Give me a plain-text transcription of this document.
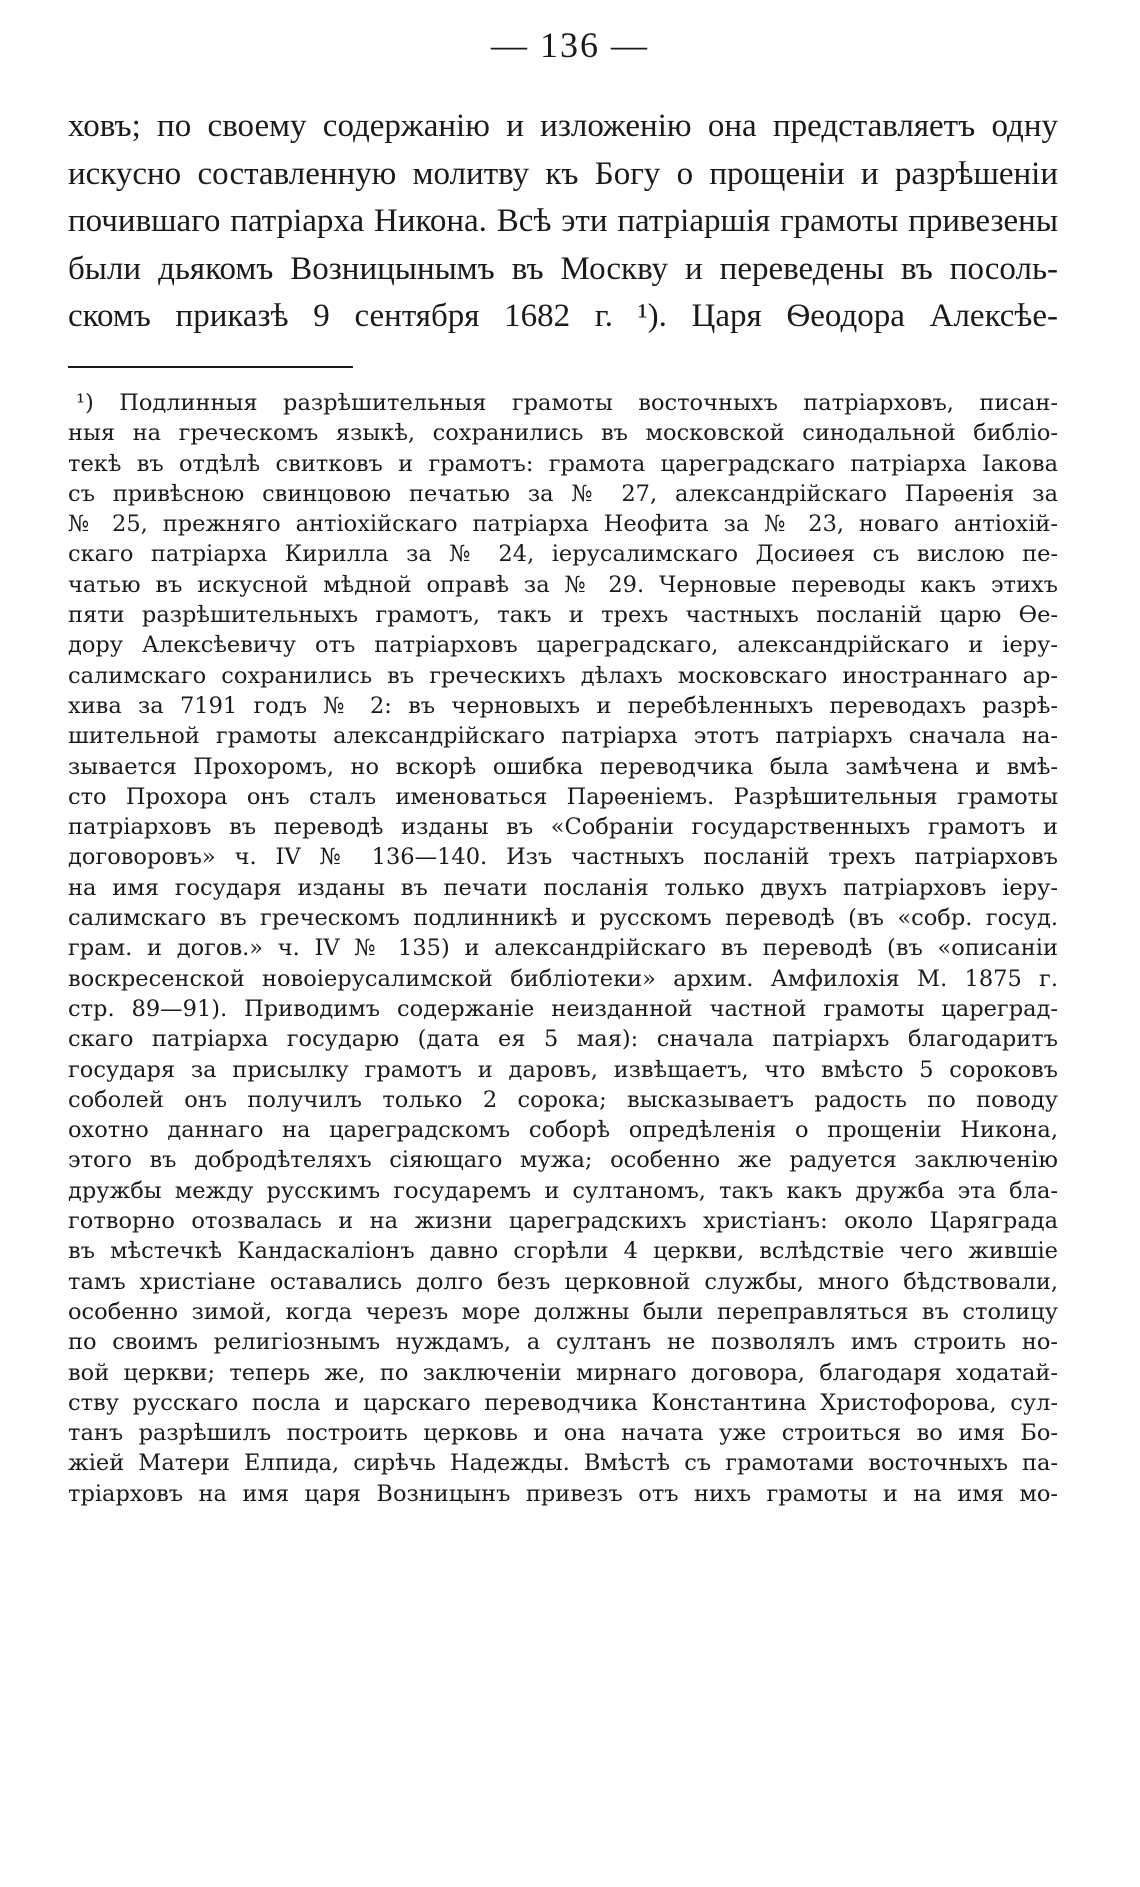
— 136 —
ховъ; по своему содержанію и изложенію она представляетъ одну
искусно составленную молитву къ Богу о прощеніи и разрѣшеніи
почившаго патріарха Никона. Всѣ эти патріаршія грамоты привезены
были дьякомъ Возницынымъ въ Москву и переведены въ посоль-
скомъ приказѣ 9 сентября 1682 г. ¹). Царя Ѳеодора Алексѣе-
¹) Подлинныя разрѣшительныя грамоты восточныхъ патріарховъ, писан-
ныя на греческомъ языкѣ, сохранились въ московской синодальной библіо-
текѣ въ отдѣлѣ свитковъ и грамотъ: грамота цареградскаго патріарха Іакова
съ привѣсною свинцовою печатью за № 27, александрійскаго Парѳенія за
№ 25, прежняго антіохійскаго патріарха Неофита за № 23, новаго антіохій-
скаго патріарха Кирилла за № 24, іерусалимскаго Досиѳея съ вислою пе-
чатью въ искусной мѣдной оправѣ за № 29. Черновые переводы какъ этихъ
пяти разрѣшительныхъ грамотъ, такъ и трехъ частныхъ посланій царю Ѳе-
дору Алексѣевичу отъ патріарховъ цареградскаго, александрійскаго и іеру-
салимскаго сохранились въ греческихъ дѣлахъ московскаго иностраннаго ар-
хива за 7191 годъ № 2: въ черновыхъ и перебѣленныхъ переводахъ разрѣ-
шительной грамоты александрійскаго патріарха этотъ патріархъ сначала на-
зывается Прохоромъ, но вскорѣ ошибка переводчика была замѣчена и вмѣ-
сто Прохора онъ сталъ именоваться Парѳеніемъ. Разрѣшительныя грамоты
патріарховъ въ переводѣ изданы въ «Собраніи государственныхъ грамотъ и
договоровъ» ч. IV № 136—140. Изъ частныхъ посланій трехъ патріарховъ
на имя государя изданы въ печати посланія только двухъ патріарховъ іеру-
салимскаго въ греческомъ подлинникѣ и русскомъ переводѣ (въ «собр. госуд.
грам. и догов.» ч. IV № 135) и александрійскаго въ переводѣ (въ «описаніи
воскресенской новоіерусалимской библіотеки» архим. Амфилохія М. 1875 г.
стр. 89—91). Приводимъ содержаніе неизданной частной грамоты цареград-
скаго патріарха государю (дата ея 5 мая): сначала патріархъ благодаритъ
государя за присылку грамотъ и даровъ, извѣщаетъ, что вмѣсто 5 сороковъ
соболей онъ получилъ только 2 сорока; высказываетъ радость по поводу
охотно даннаго на цареградскомъ соборѣ опредѣленія о прощеніи Никона,
этого въ добродѣтеляхъ сіяющаго мужа; особенно же радуется заключенію
дружбы между русскимъ государемъ и султаномъ, такъ какъ дружба эта бла-
готворно отозвалась и на жизни цареградскихъ христіанъ: около Царяграда
въ мѣстечкѣ Кандаскаліонъ давно сгорѣли 4 церкви, вслѣдствіе чего жившіе
тамъ христіане оставались долго безъ церковной службы, много бѣдствовали,
особенно зимой, когда черезъ море должны были переправляться въ столицу
по своимъ религіознымъ нуждамъ, а султанъ не позволялъ имъ строить но-
вой церкви; теперь же, по заключеніи мирнаго договора, благодаря ходатай-
ству русскаго посла и царскаго переводчика Константина Христофорова, сул-
танъ разрѣшилъ построить церковь и она начата уже строиться во имя Бо-
жіей Матери Елпида, сирѣчь Надежды. Вмѣстѣ съ грамотами восточныхъ па-
тріарховъ на имя царя Возницынъ привезъ отъ нихъ грамоты и на имя мо-
